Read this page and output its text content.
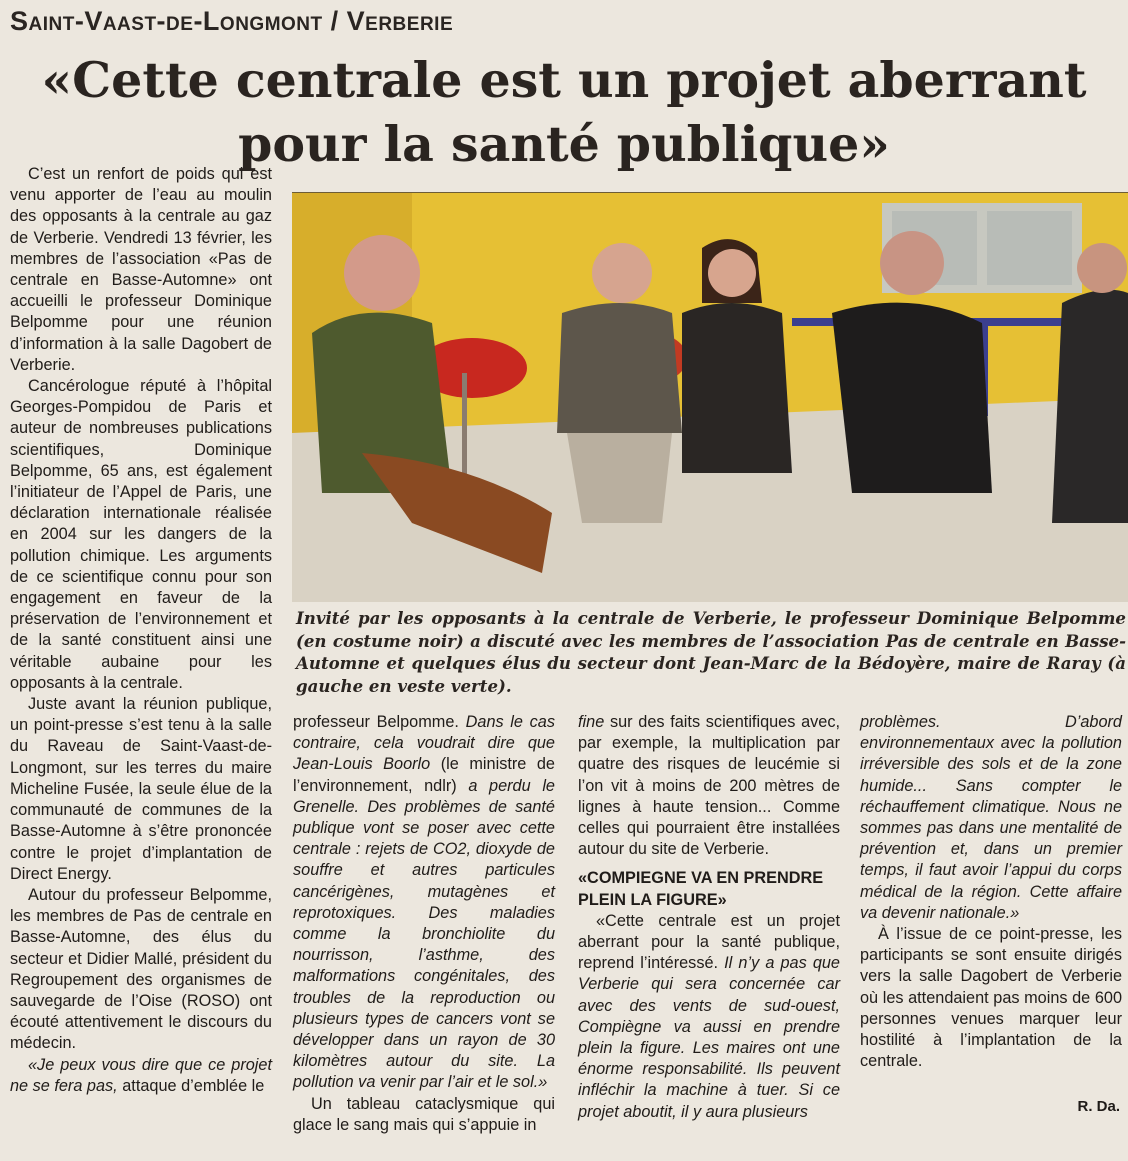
Saint-Vaast-de-Longmont / Verberie
«Cette centrale est un projet aberrant pour la santé publique»

C’est un renfort de poids qui est venu apporter de l’eau au moulin des opposants à la centrale au gaz de Verberie. Vendredi 13 février, les membres de l’association «Pas de centrale en Basse-Automne» ont accueilli le professeur Dominique Belpomme pour une réunion d’information à la salle Dagobert de Verberie.

Cancérologue réputé à l’hôpital Georges-Pompidou de Paris et auteur de nombreuses publications scientifiques, Dominique Belpomme, 65 ans, est également l’initiateur de l’Appel de Paris, une déclaration internationale réalisée en 2004 sur les dangers de la pollution chimique. Les arguments de ce scientifique connu pour son engagement en faveur de la préservation de l’environnement et de la santé constituent ainsi une véritable aubaine pour les opposants à la centrale.

Juste avant la réunion publique, un point-presse s’est tenu à la salle du Raveau de Saint-Vaast-de-Longmont, sur les terres du maire Micheline Fusée, la seule élue de la communauté de communes de la Basse-Automne à s’être prononcée contre le projet d’implantation de Direct Energy.

Autour du professeur Belpomme, les membres de Pas de centrale en Basse-Automne, des élus du secteur et Didier Mallé, président du Regroupement des organismes de sauvegarde de l’Oise (ROSO) ont écouté attentivement le discours du médecin.

«Je peux vous dire que ce projet ne se fera pas, attaque d’emblée le

Invité par les opposants à la centrale de Verberie, le professeur Dominique Belpomme (en costume noir) a discuté avec les membres de l’association Pas de centrale en Basse-Automne et quelques élus du secteur dont Jean-Marc de la Bédoyère, maire de Raray (à gauche en veste verte).

professeur Belpomme. Dans le cas contraire, cela voudrait dire que Jean-Louis Boorlo (le ministre de l’environnement, ndlr) a perdu le Grenelle. Des problèmes de santé publique vont se poser avec cette centrale : rejets de CO2, dioxyde de souffre et autres particules cancérigènes, mutagènes et reprotoxiques. Des maladies comme la bronchiolite du nourrisson, l’asthme, des malformations congénitales, des troubles de la reproduction ou plusieurs types de cancers vont se développer dans un rayon de 30 kilomètres autour du site. La pollution va venir par l’air et le sol.»

Un tableau cataclysmique qui glace le sang mais qui s’appuie in

fine sur des faits scientifiques avec, par exemple, la multiplication par quatre des risques de leucémie si l’on vit à moins de 200 mètres de lignes à haute tension... Comme celles qui pourraient être installées autour du site de Verberie.

«COMPIEGNE VA EN PRENDRE PLEIN LA FIGURE»

«Cette centrale est un projet aberrant pour la santé publique, reprend l’intéressé. Il n’y a pas que Verberie qui sera concernée car avec des vents de sud-ouest, Compiègne va aussi en prendre plein la figure. Les maires ont une énorme responsabilité. Ils peuvent infléchir la machine à tuer. Si ce projet aboutit, il y aura plusieurs

problèmes. D’abord environnementaux avec la pollution irréversible des sols et de la zone humide... Sans compter le réchauffement climatique. Nous ne sommes pas dans une mentalité de prévention et, dans un premier temps, il faut avoir l’appui du corps médical de la région. Cette affaire va devenir nationale.»

À l’issue de ce point-presse, les participants se sont ensuite dirigés vers la salle Dagobert de Verberie où les attendaient pas moins de 600 personnes venues marquer leur hostilité à l’implantation de la centrale.

R. Da.
